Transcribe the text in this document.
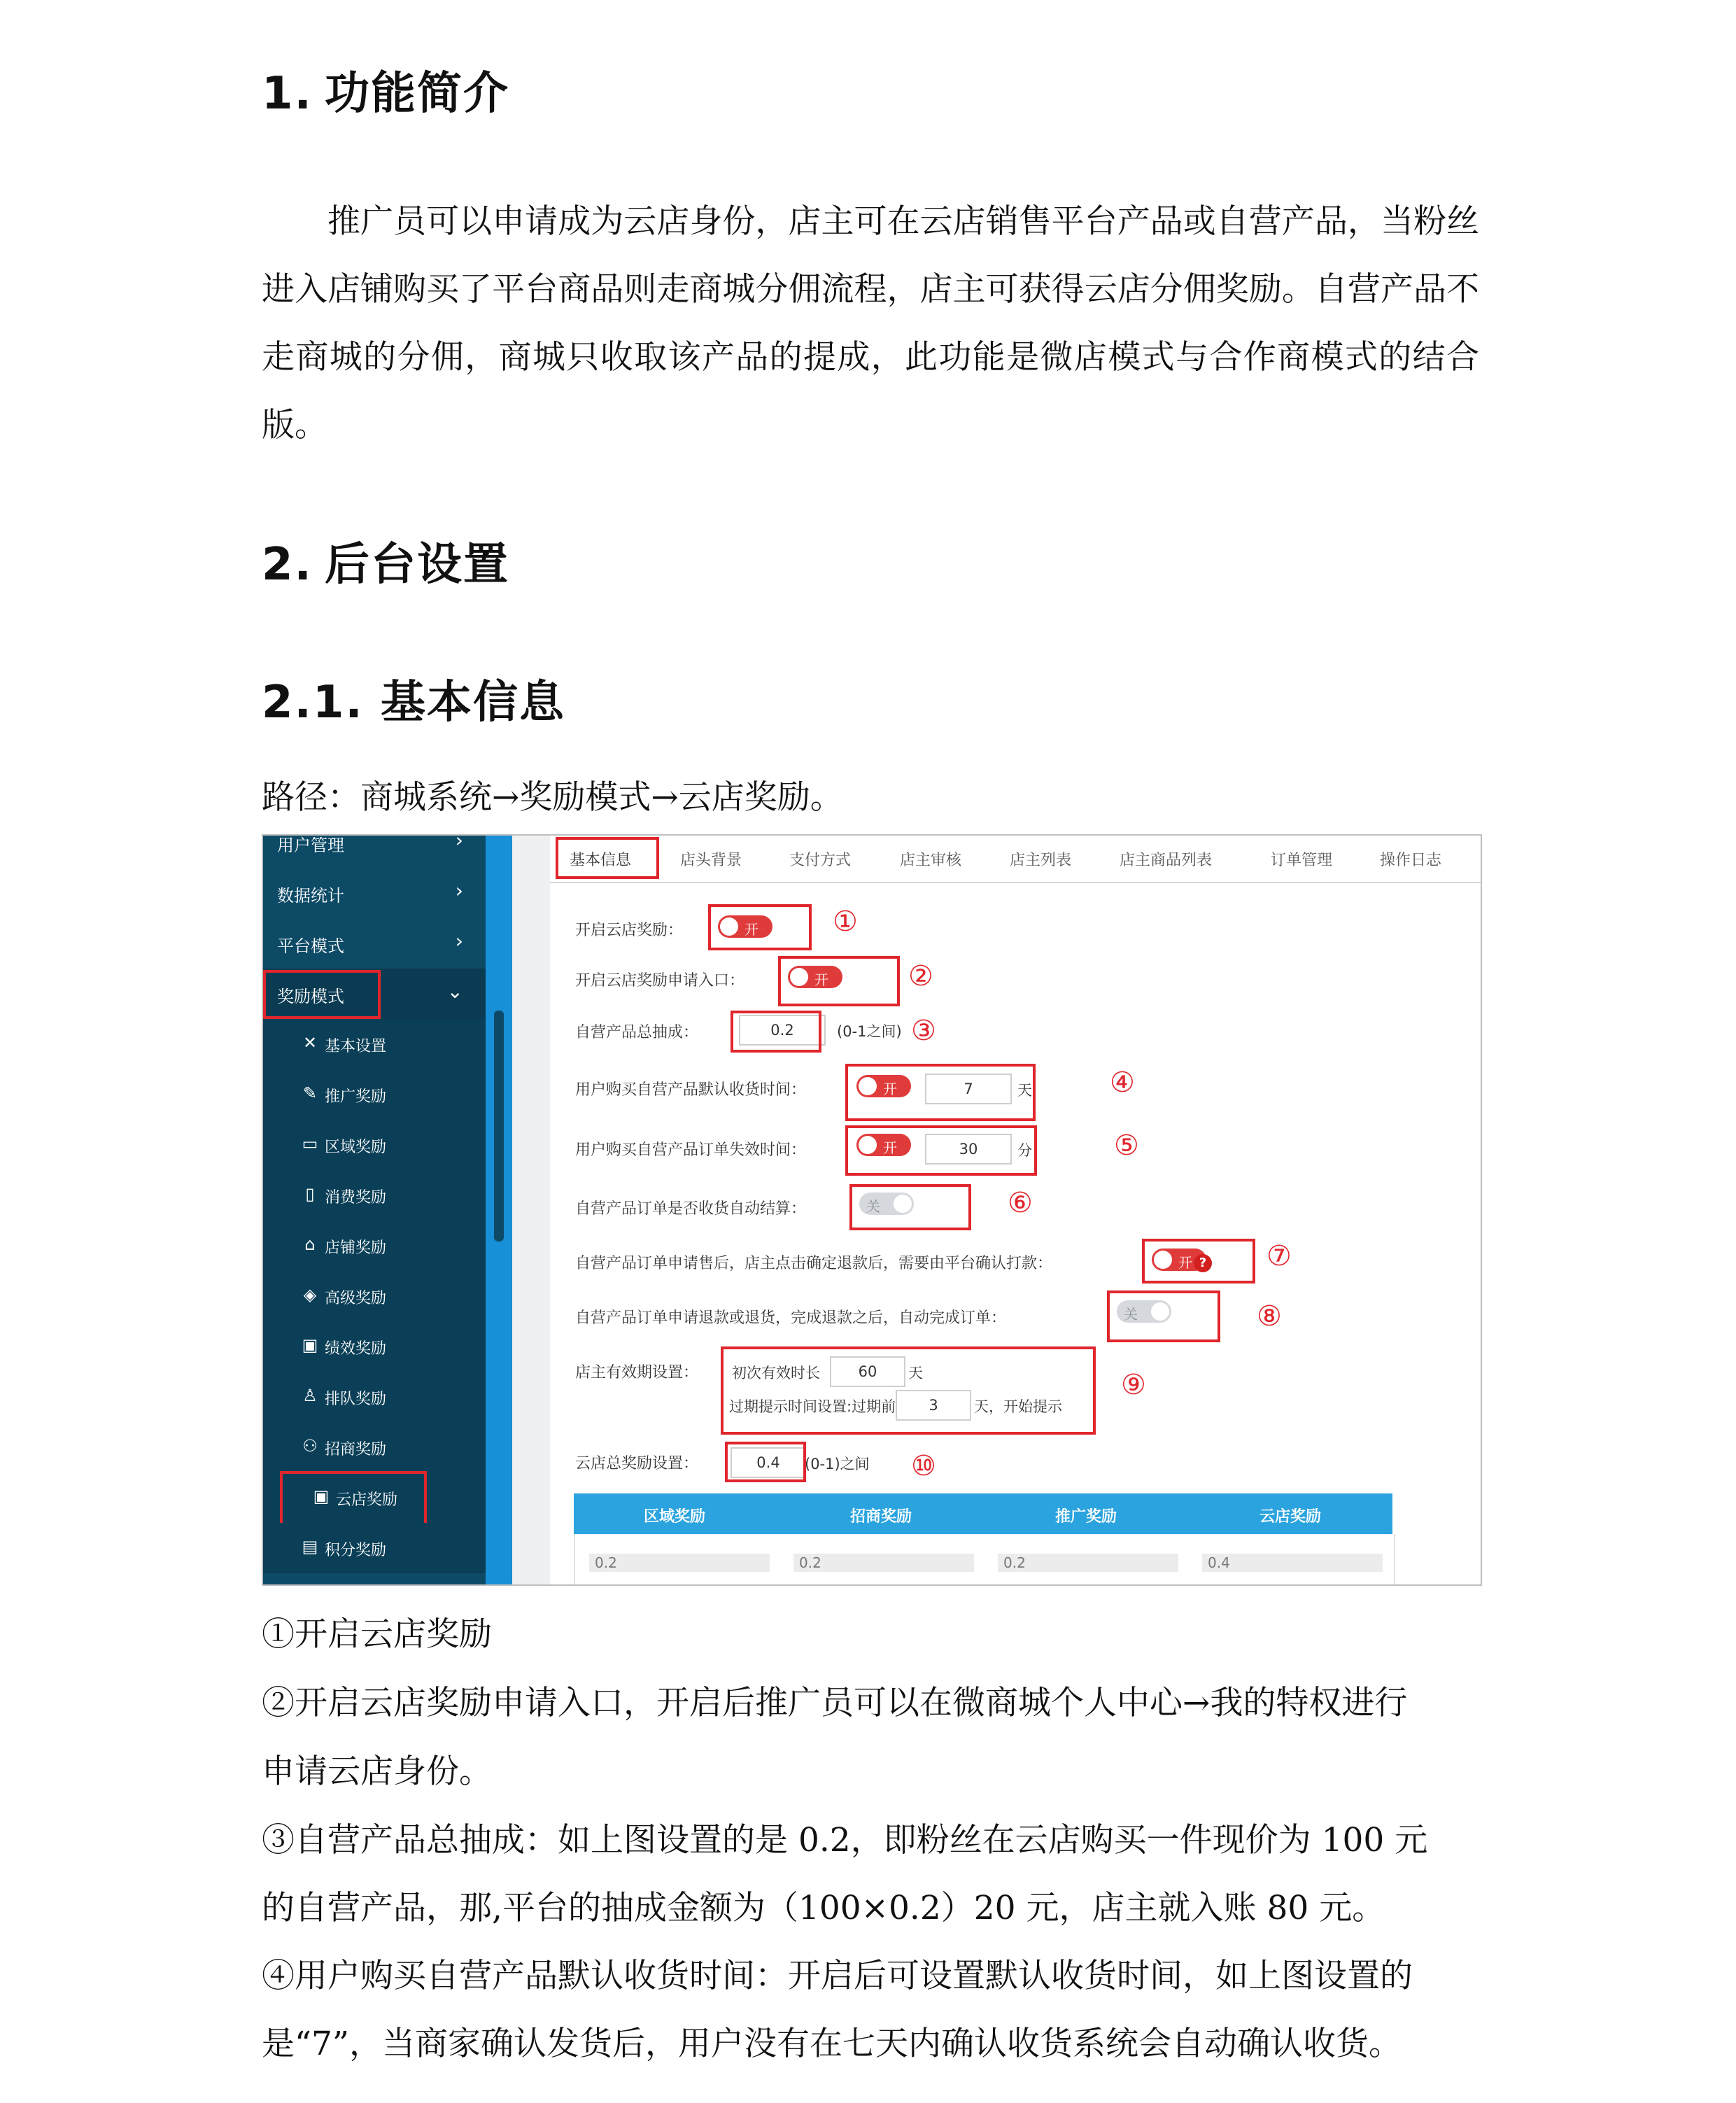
1. 功能简介
推广员可以申请成为云店身份，店主可在云店销售平台产品或自营产品，当粉丝进入店铺购买了平台商品则走商城分佣流程，店主可获得云店分佣奖励。自营产品不走商城的分佣，商城只收取该产品的提成，此功能是微店模式与合作商模式的结合版。
2. 后台设置
2.1. 基本信息
路径：商城系统→奖励模式→云店奖励。
用户管理	›
数据统计	›
平台模式	›
奖励模式	⌄
✕ 基本设置
✎ 推广奖励
▭ 区域奖励
▯ 消费奖励
⌂ 店铺奖励
◈ 高级奖励
▣ 绩效奖励
♙ 排队奖励
⚇ 招商奖励
▣ 云店奖励
▤ 积分奖励
基本信息	店头背景	支付方式	店主审核	店主列表	店主商品列表	订单管理	操作日志
开启云店奖励：	开	①
开启云店奖励申请入口：	开	②
自营产品总抽成：	0.2	(0-1之间) ③
用户购买自营产品默认收货时间：	开	7	天	④
用户购买自营产品订单失效时间：	开	30	分	⑤
自营产品订单是否收货自动结算：	关	⑥
自营产品订单申请售后，店主点击确定退款后，需要由平台确认打款：	开 ? ⑦
自营产品订单申请退款或退货，完成退款之后，自动完成订单：	关	⑧
店主有效期设置： 初次有效时长	60	天
过期提示时间设置:过期前	3	天，开始提示
⑨
云店总奖励设置：	0.4	(0-1)之间 ⑩
区域奖励	招商奖励	推广奖励	云店奖励
0.2	0.2	0.2	0.4
①开启云店奖励
②开启云店奖励申请入口，开启后推广员可以在微商城个人中心→我的特权进行
申请云店身份。
③自营产品总抽成：如上图设置的是 0.2，即粉丝在云店购买一件现价为 100 元
的自营产品，那,平台的抽成金额为（100×0.2）20 元，店主就入账 80 元。
④用户购买自营产品默认收货时间：开启后可设置默认收货时间，如上图设置的
是“7”，当商家确认发货后，用户没有在七天内确认收货系统会自动确认收货。
